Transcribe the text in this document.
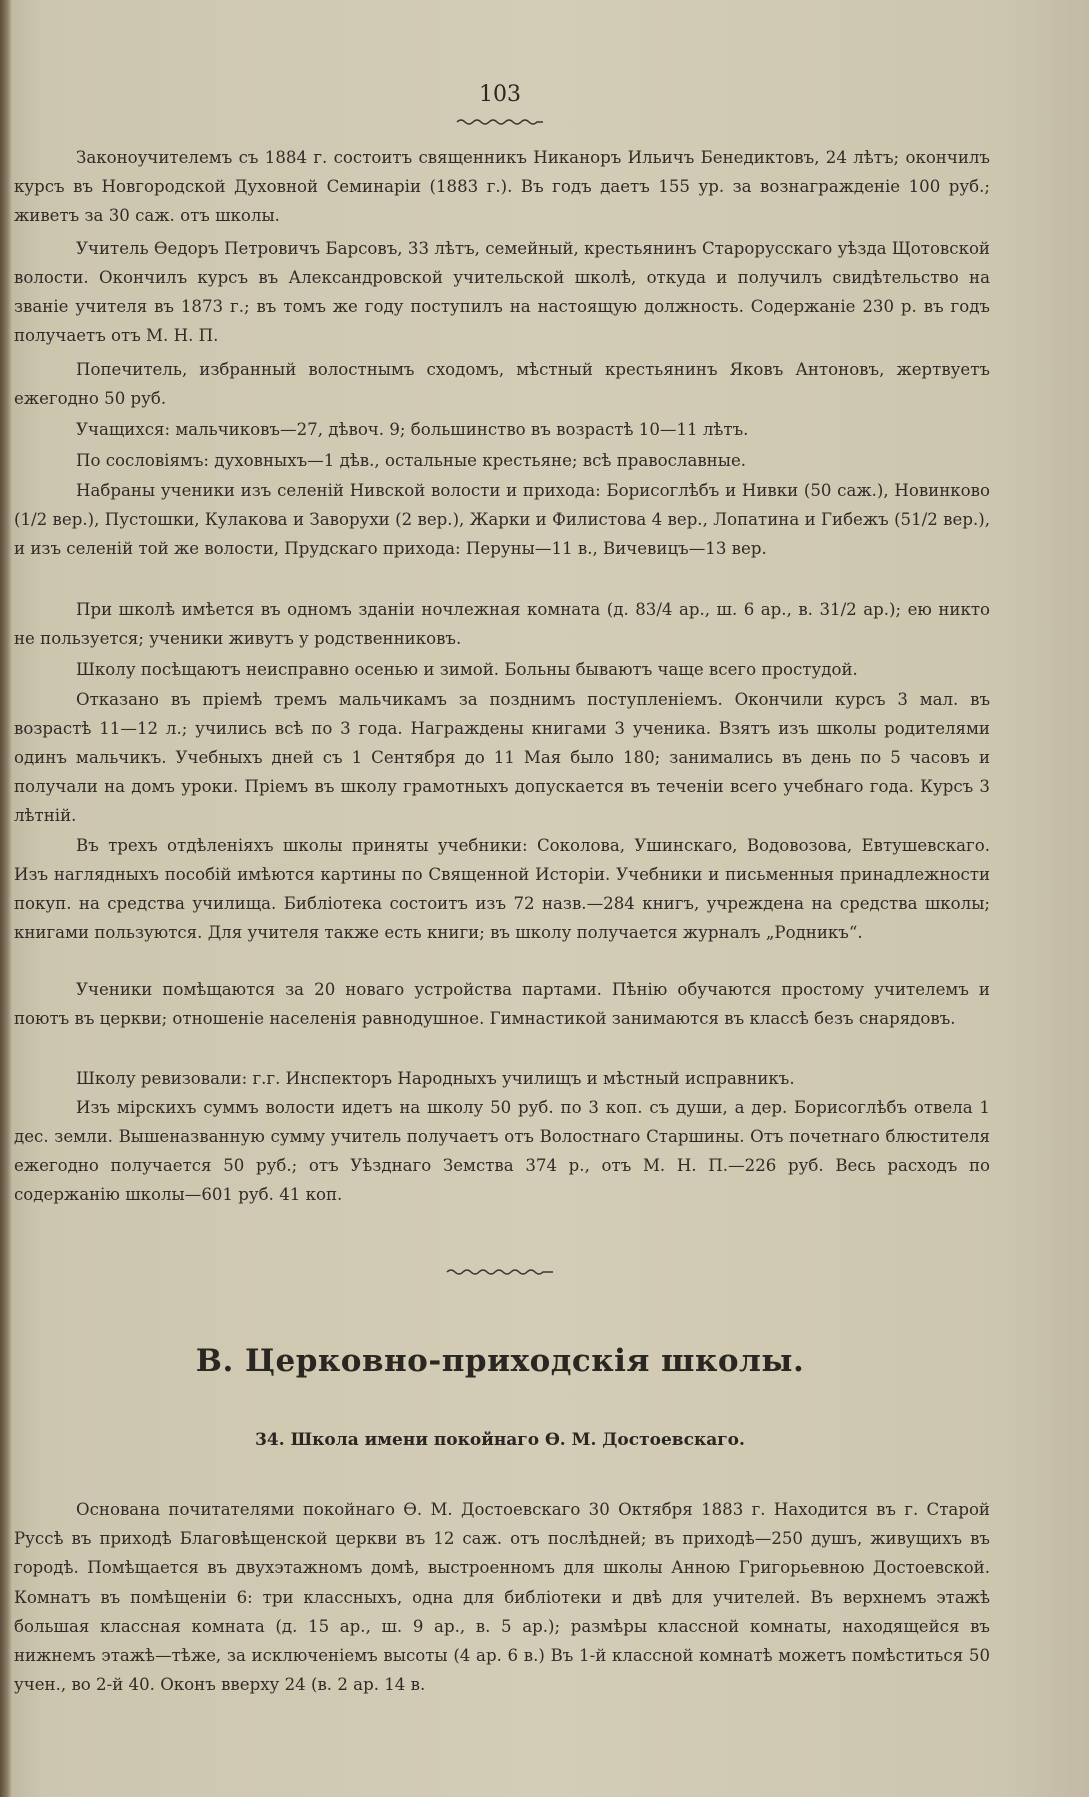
103

Законоучителемъ съ 1884 г. состоитъ священникъ Никаноръ Ильичъ Бенедиктовъ, 24 лѣтъ; окончилъ курсъ въ Новгородской Духовной Семинаріи (1883 г.). Въ годъ даетъ 155 ур. за вознагражденіе 100 руб.; живетъ за 30 саж. отъ школы.

Учитель Ѳедоръ Петровичъ Барсовъ, 33 лѣтъ, семейный, крестьянинъ Старорусскаго уѣзда Щотовской волости. Окончилъ курсъ въ Александровской учительской школѣ, откуда и получилъ свидѣтельство на званіе учителя въ 1873 г.; въ томъ же году поступилъ на настоящую должность. Содержаніе 230 р. въ годъ получаетъ отъ М. Н. П.

Попечитель, избранный волостнымъ сходомъ, мѣстный крестьянинъ Яковъ Антоновъ, жертвуетъ ежегодно 50 руб.

Учащихся: мальчиковъ—27, дѣвоч. 9; большинство въ возрастѣ 10—11 лѣтъ.

По сословіямъ: духовныхъ—1 дѣв., остальные крестьяне; всѣ православные.

Набраны ученики изъ селеній Нивской волости и прихода: Борисоглѣбъ и Нивки (50 саж.), Новинково (1/2 вер.), Пустошки, Кулакова и Заворухи (2 вер.), Жарки и Филистова 4 вер., Лопатина и Гибежъ (51/2 вер.), и изъ селеній той же волости, Прудскаго прихода: Перуны—11 в., Вичевицъ—13 вер.

При школѣ имѣется въ одномъ зданіи ночлежная комната (д. 83/4 ар., ш. 6 ар., в. 31/2 ар.); ею никто не пользуется; ученики живутъ у родственниковъ.

Школу посѣщаютъ неисправно осенью и зимой. Больны бываютъ чаще всего простудой.

Отказано въ пріемѣ тремъ мальчикамъ за позднимъ поступленіемъ. Окончили курсъ 3 мал. въ возрастѣ 11—12 л.; учились всѣ по 3 года. Награждены книгами 3 ученика. Взятъ изъ школы родителями одинъ мальчикъ. Учебныхъ дней съ 1 Сентября до 11 Мая было 180; занимались въ день по 5 часовъ и получали на домъ уроки. Пріемъ въ школу грамотныхъ допускается въ теченіи всего учебнаго года. Курсъ 3 лѣтній.

Въ трехъ отдѣленіяхъ школы приняты учебники: Соколова, Ушинскаго, Водовозова, Евтушевскаго. Изъ наглядныхъ пособій имѣются картины по Священной Исторіи. Учебники и письменныя принадлежности покуп. на средства училища. Библіотека состоитъ изъ 72 назв.—284 книгъ, учреждена на средства школы; книгами пользуются. Для учителя также есть книги; въ школу получается журналъ „Родникъ“.

Ученики помѣщаются за 20 новаго устройства партами. Пѣнію обучаются простому учителемъ и поютъ въ церкви; отношеніе населенія равнодушное. Гимнастикой занимаются въ классѣ безъ снарядовъ.

Школу ревизовали: г.г. Инспекторъ Народныхъ училищъ и мѣстный исправникъ.

Изъ мірскихъ суммъ волости идетъ на школу 50 руб. по 3 коп. съ души, а дер. Борисоглѣбъ отвела 1 дес. земли. Вышеназванную сумму учитель получаетъ отъ Волостнаго Старшины. Отъ почетнаго блюстителя ежегодно получается 50 руб.; отъ Уѣзднаго Земства 374 р., отъ М. Н. П.—226 руб. Весь расходъ по содержанію школы—601 руб. 41 коп.

В. Церковно-приходскія школы.
34. Школа имени покойнаго Ѳ. М. Достоевскаго.

Основана почитателями покойнаго Ѳ. М. Достоевскаго 30 Октября 1883 г. Находится въ г. Старой Руссѣ въ приходѣ Благовѣщенской церкви въ 12 саж. отъ послѣдней; въ приходѣ—250 душъ, живущихъ въ городѣ. Помѣщается въ двухэтажномъ домѣ, выстроенномъ для школы Анною Григорьевною Достоевской. Комнатъ въ помѣщеніи 6: три классныхъ, одна для библіотеки и двѣ для учителей. Въ верхнемъ этажѣ большая классная комната (д. 15 ар., ш. 9 ар., в. 5 ар.); размѣры классной комнаты, находящейся въ нижнемъ этажѣ—тѣже, за исключеніемъ высоты (4 ар. 6 в.) Въ 1-й классной комнатѣ можетъ помѣститься 50 учен., во 2-й 40. Оконъ вверху 24 (в. 2 ар. 14 в.
